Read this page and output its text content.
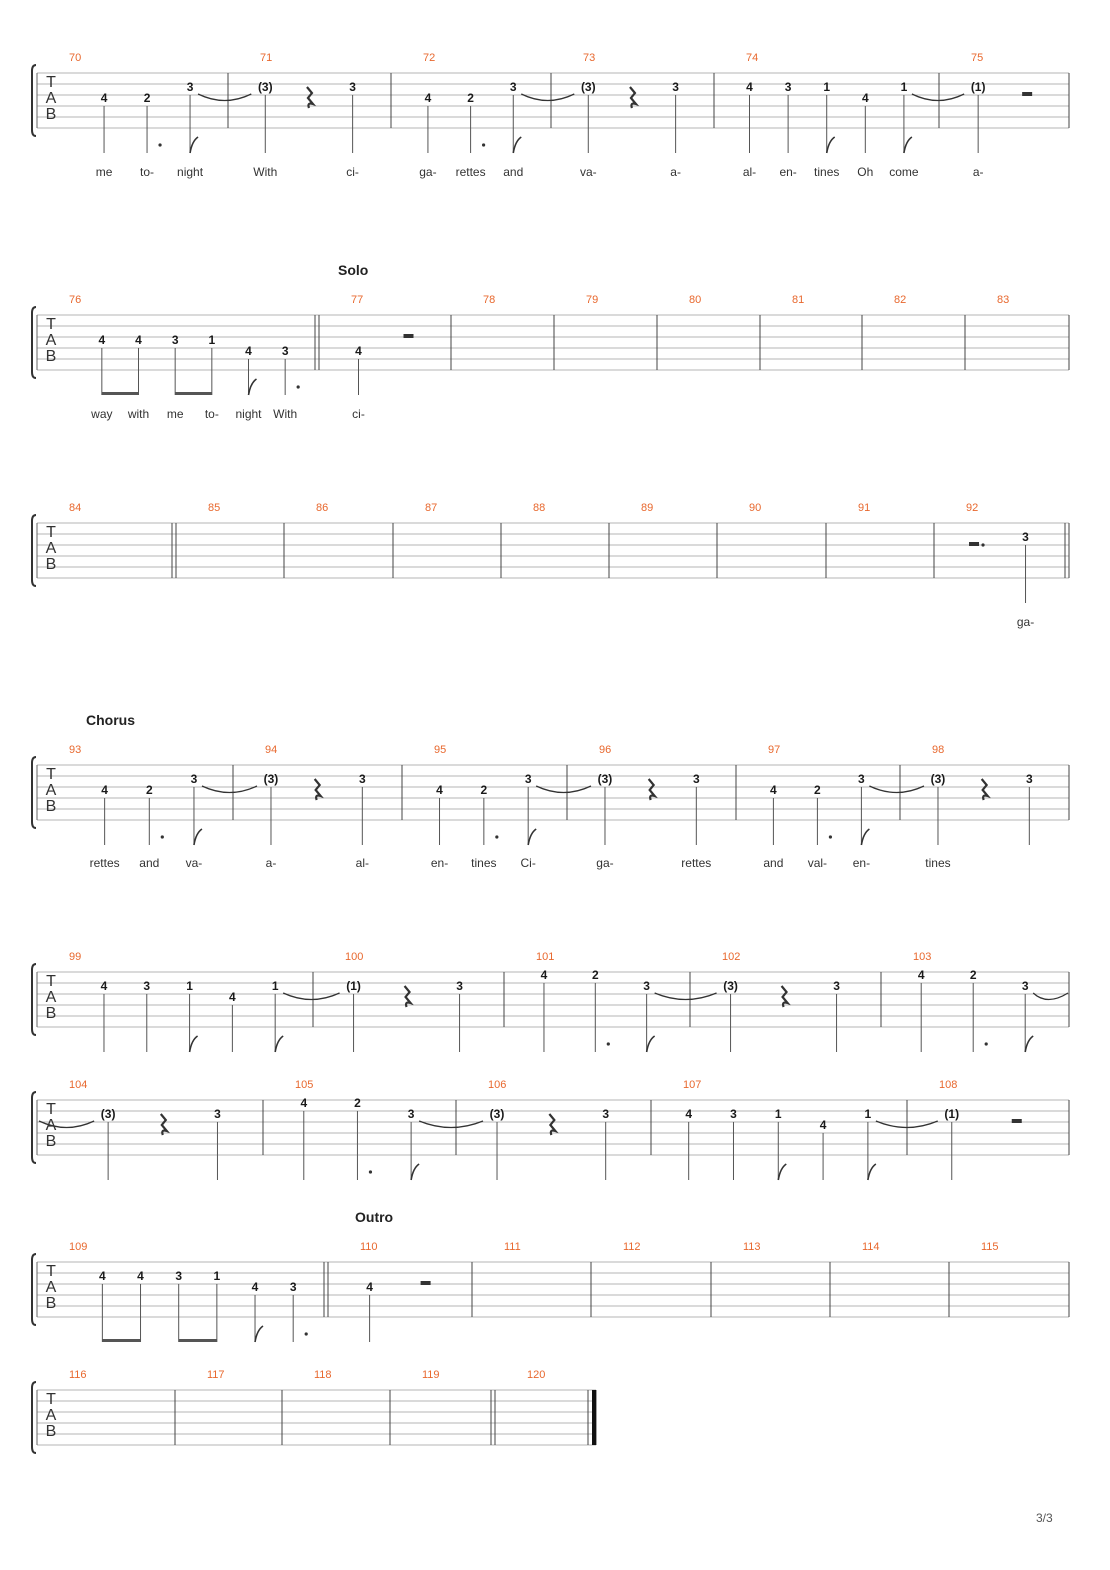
T
A
B
70
4
me
2
to-
3
night
71
(3)
With
3
ci-
72
4
ga-
2
rettes
3
and
73
(3)
va-
3
a-
74
4
al-
3
en-
1
tines
4
Oh
1
come
75
(1)
a-
T
A
B
Solo
76
4
way
4
with
3
me
1
to-
4
night
3
With
77
4
ci-
78	79	80	81	82	83
T
A
B
84	85	86	87	88	89	90	91	92
3
ga-
T
A
B
Chorus
93
4
rettes
2
and
3
va-
94
(3)
a-
3
al-
95
4
en-
2
tines
3
Ci-
96
(3)
ga-
3
rettes
97
4
and
2
val-
3
en-
98
(3)
tines
3
T
A
B
99
4	3	1
4
1
100
(1)	3
101
4	2
3
102
(3)	3
103
4	2
3
T
A
B
104
(3)	3
105
4	2
3
106
(3)	3
107
4	3	1
4
1
108
(1)
T
A
B
Outro
109
4	4	3	1
4	3
110
4
111	112	113	114	115
T
A
B
116	117	118	119	120
3/3
